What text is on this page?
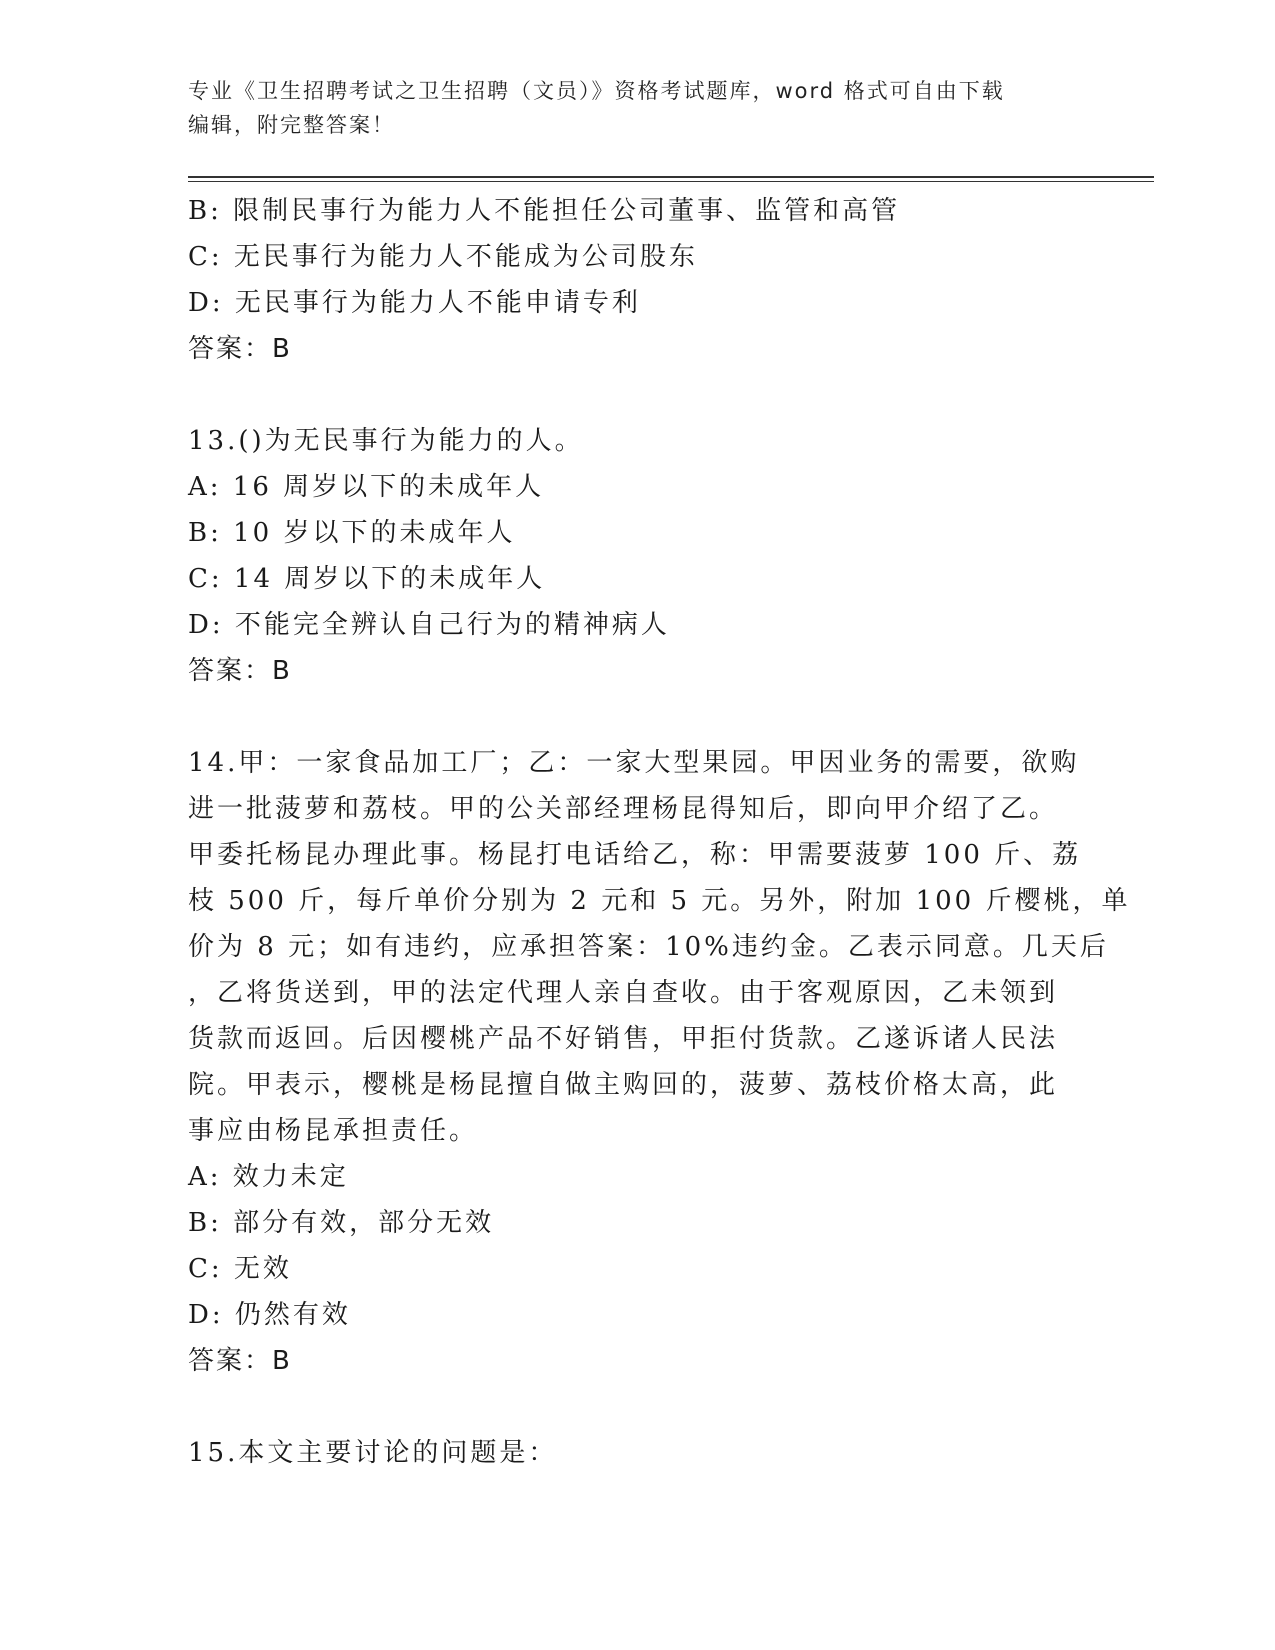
专业《卫生招聘考试之卫生招聘（文员）》资格考试题库，word 格式可自由下载
编辑，附完整答案！
B: 限制民事行为能力人不能担任公司董事、监管和高管
C: 无民事行为能力人不能成为公司股东
D: 无民事行为能力人不能申请专利
答案：B
13.()为无民事行为能力的人。
A: 16 周岁以下的未成年人
B: 10 岁以下的未成年人
C: 14 周岁以下的未成年人
D: 不能完全辨认自己行为的精神病人
答案：B
14.甲：一家食品加工厂；乙：一家大型果园。甲因业务的需要，欲购
进一批菠萝和荔枝。甲的公关部经理杨昆得知后，即向甲介绍了乙。
甲委托杨昆办理此事。杨昆打电话给乙，称：甲需要菠萝 100 斤、荔
枝 500 斤，每斤单价分别为 2 元和 5 元。另外，附加 100 斤樱桃，单
价为 8 元；如有违约，应承担答案：10%违约金。乙表示同意。几天后
，乙将货送到，甲的法定代理人亲自查收。由于客观原因，乙未领到
货款而返回。后因樱桃产品不好销售，甲拒付货款。乙遂诉诸人民法
院。甲表示，樱桃是杨昆擅自做主购回的，菠萝、荔枝价格太高，此
事应由杨昆承担责任。
A: 效力未定
B: 部分有效，部分无效
C: 无效
D: 仍然有效
答案：B
15.本文主要讨论的问题是：
